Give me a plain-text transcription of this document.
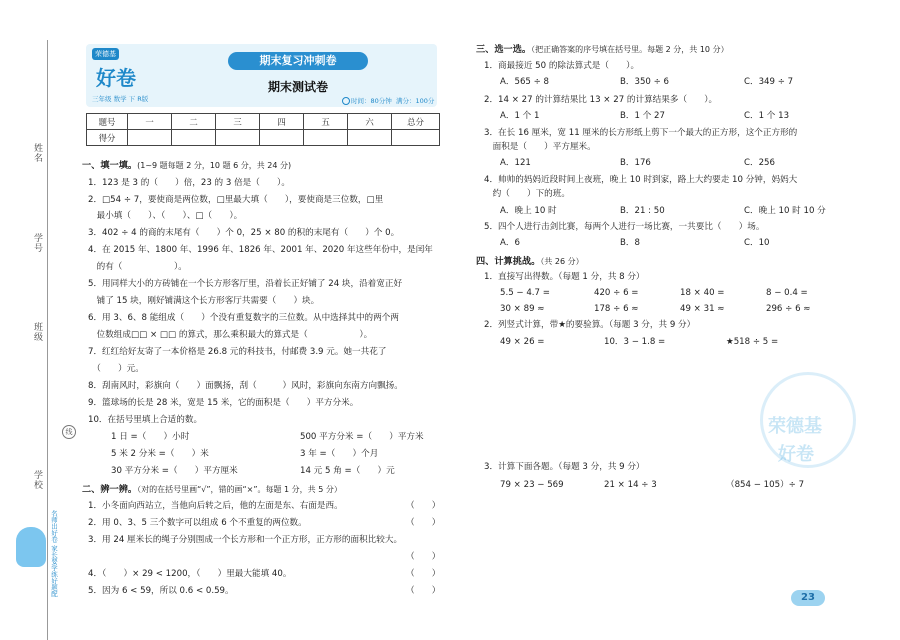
姓名
学号
班级
学校
线
名师出好卷 家长要学练好题配
荣德基
好卷
三年级 数学 下 R版
期末复习冲刺卷
期末测试卷
时间：80分钟 满分：100分
题号	一	二	三	四	五	六	总分
得分							
一、填一填。(1~9 题每题 2 分，10 题 6 分，共 24 分)
1．123 是 3 的（　　）倍，23 的 3 倍是（　　）。
2．□54 ÷ 7，要使商是两位数，□里最大填（　　），要使商是三位数，□里
　最小填（　　）、（　　）、□（　　）。
3．402 ÷ 4 的商的末尾有（　　）个 0，25 × 80 的积的末尾有（　　）个 0。
4．在 2015 年、1800 年、1996 年、1826 年、2001 年、2020 年这些年份中，是闰年
　的有（　　　　　　）。
5．用同样大小的方砖铺在一个长方形客厅里，沿着长正好铺了 24 块，沿着宽正好
　铺了 15 块，刚好铺满这个长方形客厅共需要（　　）块。
6．用 3、6、8 能组成（　　）个没有重复数字的三位数。从中选择其中的两个两
　位数组成□□ × □□ 的算式，那么乘积最大的算式是（　　　　　　）。
7．红红给好友寄了一本价格是 26.8 元的科技书，付邮费 3.9 元。她一共花了
　（　　）元。
8．刮南风时，彩旗向（　　）面飘扬，刮（　　　）风时，彩旗向东南方向飘扬。
9．篮球场的长是 28 米，宽是 15 米，它的面积是（　　）平方分米。
10．在括号里填上合适的数。
1 日 =（　　）小时	500 平方分米 =（　　）平方米
5 米 2 分米 =（　　）米	3 年 =（　　）个月
30 平方分米 =（　　）平方厘米	14 元 5 角 =（　　）元
二、辨一辨。（对的在括号里画“√”，错的画“×”。每题 1 分，共 5 分）
1．小冬面向西站立，当他向后转之后，他的左面是东、右面是西。	（　　）
2．用 0、3、5 三个数字可以组成 6 个不重复的两位数。	（　　）
3．用 24 厘米长的绳子分别围成一个长方形和一个正方形，正方形的面积比较大。
（　　）
4．（　　）× 29 < 1200，（　　）里最大能填 40。	（　　）
5．因为 6 < 59，所以 0.6 < 0.59。	（　　）
荣德基
好卷
三、选一选。（把正确答案的序号填在括号里。每题 2 分，共 10 分）
1．商最接近 50 的除法算式是（　　）。
A．565 ÷ 8	B．350 ÷ 6	C．349 ÷ 7
2．14 × 27 的计算结果比 13 × 27 的计算结果多（　　）。
A．1 个 1	B．1 个 27	C．1 个 13
3．在长 16 厘米，宽 11 厘米的长方形纸上剪下一个最大的正方形，这个正方形的
　面积是（　　）平方厘米。
A．121	B．176	C．256
4．帅帅的妈妈近段时间上夜班，晚上 10 时到家，路上大约要走 10 分钟，妈妈大
　约（　　）下的班。
A．晚上 10 时	B．21 : 50	C．晚上 10 时 10 分
5．四个人进行击剑比赛，每两个人进行一场比赛，一共要比（　　）场。
A．6	B．8	C．10
四、计算挑战。（共 26 分）
1．直接写出得数。（每题 1 分，共 8 分）
5.5 − 4.7 =	420 ÷ 6 =	18 × 40 =	8 − 0.4 =
30 × 89 ≈	178 ÷ 6 ≈	49 × 31 ≈	296 ÷ 6 ≈
2．列竖式计算，带★的要验算。（每题 3 分，共 9 分）
49 × 26 =	10．3 − 1.8 =	★518 ÷ 5 =
3．计算下面各题。（每题 3 分，共 9 分）
79 × 23 − 569	21 × 14 ÷ 3	（854 − 105）÷ 7
23
